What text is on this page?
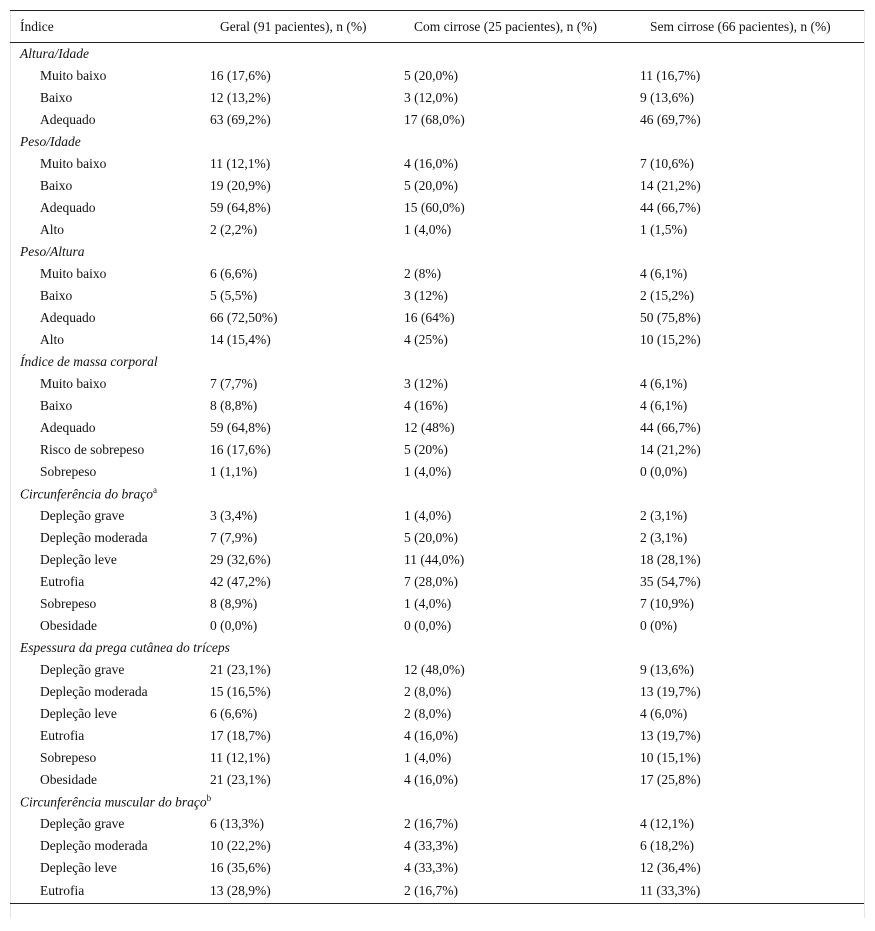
Índice	Geral (91 pacientes), n (%)	Com cirrose (25 pacientes), n (%)	Sem cirrose (66 pacientes), n (%)
Altura/Idade			
Muito baixo	16 (17,6%)	5 (20,0%)	11 (16,7%)
Baixo	12 (13,2%)	3 (12,0%)	9 (13,6%)
Adequado	63 (69,2%)	17 (68,0%)	46 (69,7%)
Peso/Idade			
Muito baixo	11 (12,1%)	4 (16,0%)	7 (10,6%)
Baixo	19 (20,9%)	5 (20,0%)	14 (21,2%)
Adequado	59 (64,8%)	15 (60,0%)	44 (66,7%)
Alto	2 (2,2%)	1 (4,0%)	1 (1,5%)
Peso/Altura			
Muito baixo	6 (6,6%)	2 (8%)	4 (6,1%)
Baixo	5 (5,5%)	3 (12%)	2 (15,2%)
Adequado	66 (72,50%)	16 (64%)	50 (75,8%)
Alto	14 (15,4%)	4 (25%)	10 (15,2%)
Índice de massa corporal			
Muito baixo	7 (7,7%)	3 (12%)	4 (6,1%)
Baixo	8 (8,8%)	4 (16%)	4 (6,1%)
Adequado	59 (64,8%)	12 (48%)	44 (66,7%)
Risco de sobrepeso	16 (17,6%)	5 (20%)	14 (21,2%)
Sobrepeso	1 (1,1%)	1 (4,0%)	0 (0,0%)
Circunferência do braço$^a$
Depleção grave	3 (3,4%)	1 (4,0%)	2 (3,1%)
Depleção moderada	7 (7,9%)	5 (20,0%)	2 (3,1%)
Depleção leve	29 (32,6%)	11 (44,0%)	18 (28,1%)
Eutrofia	42 (47,2%)	7 (28,0%)	35 (54,7%)
Sobrepeso	8 (8,9%)	1 (4,0%)	7 (10,9%)
Obesidade	0 (0,0%)	0 (0,0%)	0 (0%)
Espessura da prega cutânea do tríceps			
Depleção grave	21 (23,1%)	12 (48,0%)	9 (13,6%)
Depleção moderada	15 (16,5%)	2 (8,0%)	13 (19,7%)
Depleção leve	6 (6,6%)	2 (8,0%)	4 (6,0%)
Eutrofia	17 (18,7%)	4 (16,0%)	13 (19,7%)
Sobrepeso	11 (12,1%)	1 (4,0%)	10 (15,1%)
Obesidade	21 (23,1%)	4 (16,0%)	17 (25,8%)
Circunferência muscular do braço$^b$
Depleção grave	6 (13,3%)	2 (16,7%)	4 (12,1%)
Depleção moderada	10 (22,2%)	4 (33,3%)	6 (18,2%)
Depleção leve	16 (35,6%)	4 (33,3%)	12 (36,4%)
Eutrofia	13 (28,9%)	2 (16,7%)	11 (33,3%)
